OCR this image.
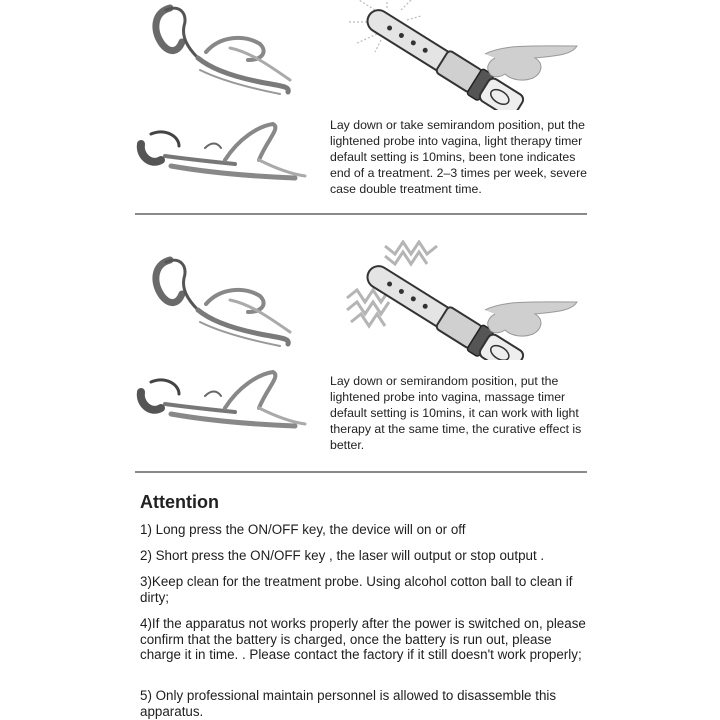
Lay down or take semirandom position, put the lightened probe into vagina, light therapy timer default setting is 10mins, been tone indicates end of a treatment. 2–3 times per week, severe case double treatment time.
Lay down or semirandom position, put the lightened probe into vagina, massage timer default setting is 10mins, it can work with light therapy at the same time, the curative effect is better.
Attention
1) Long press the ON/OFF key, the device will on or off
2) Short press the ON/OFF key , the laser will output or stop output .
3)Keep clean for the treatment probe. Using alcohol cotton ball to clean if dirty;
4)If the apparatus not works properly after the power is switched on, please confirm that the battery is charged, once the battery is run out, please charge it in time. . Please contact the factory if it still doesn't work properly;
5) Only professional maintain personnel is allowed to disassemble this apparatus.
